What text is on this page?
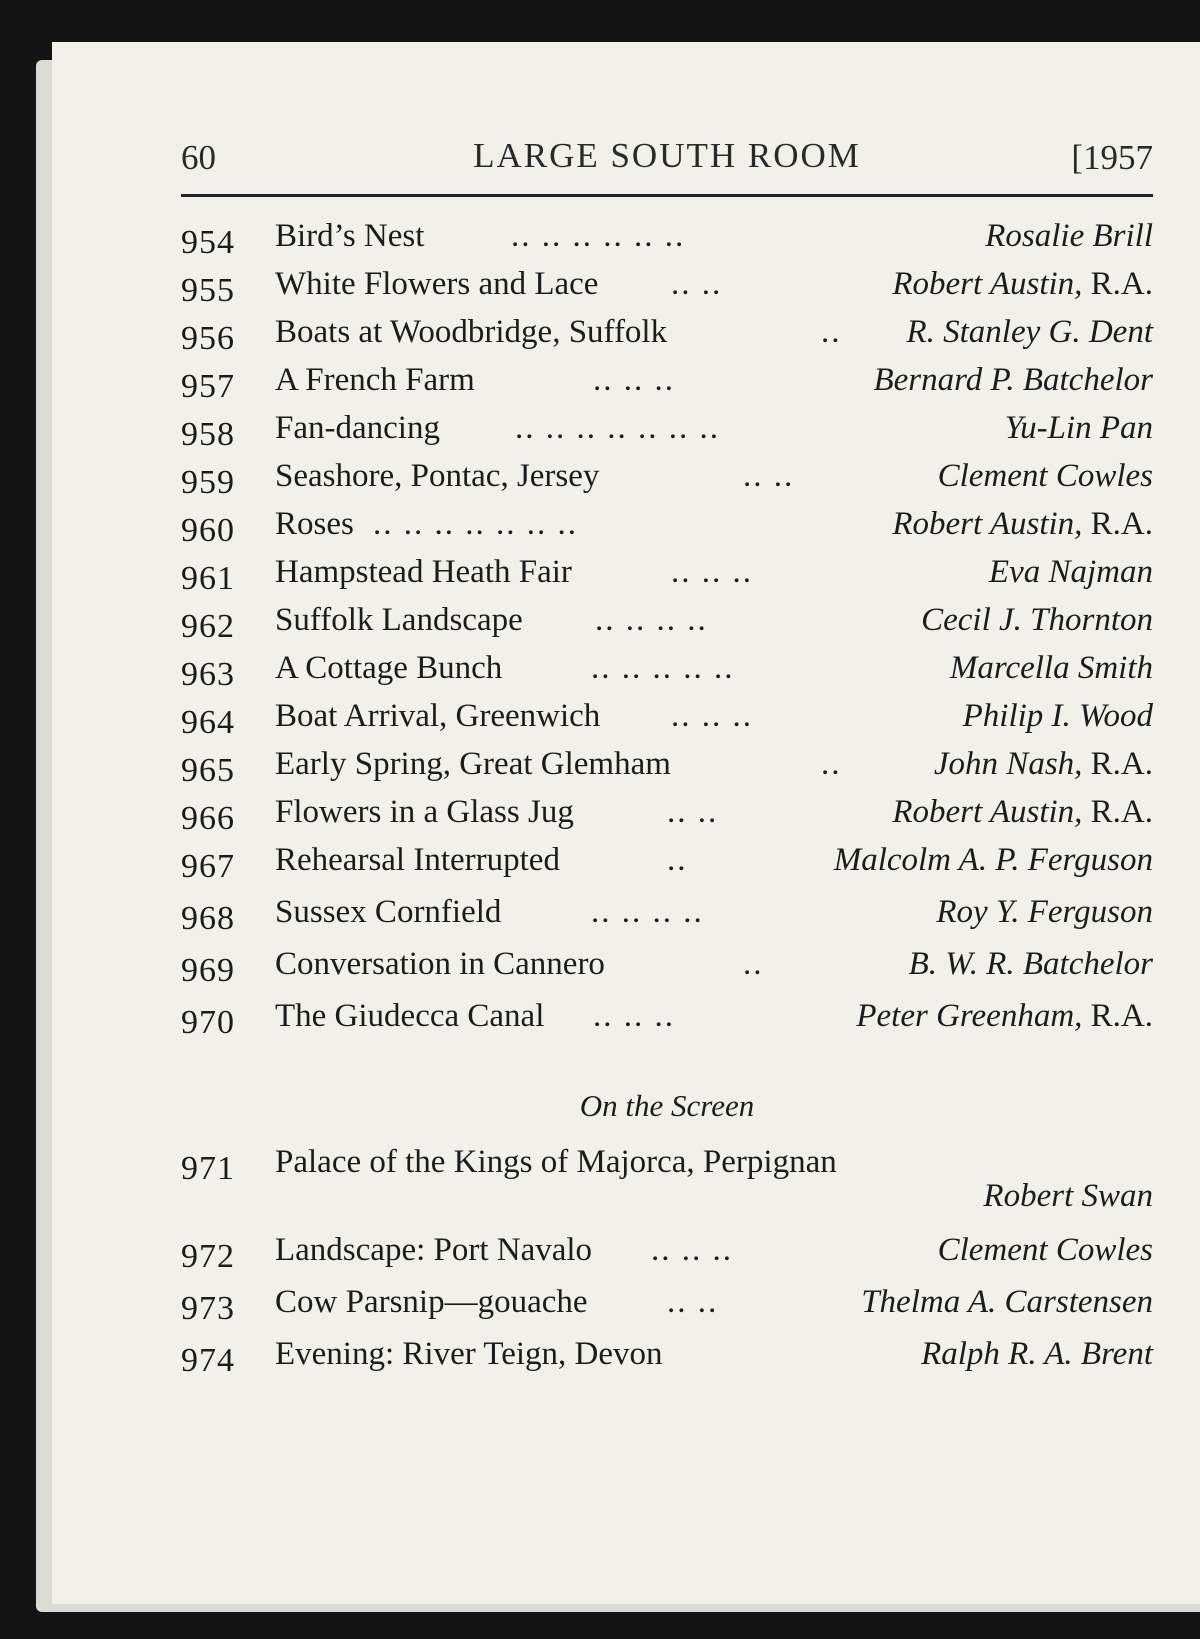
60	LARGE SOUTH ROOM	[1957
954 Bird’s Nest	.. .. .. .. .. ..	Rosalie Brill
955 White Flowers and Lace .. ..	Robert Austin, R.A.
956 Boats at Woodbridge, Suffolk	.. R. Stanley G. Dent
957 A French Farm	.. .. ..	Bernard P. Batchelor
958 Fan-dancing .. .. .. .. .. .. ..	Yu-Lin Pan
959 Seashore, Pontac, Jersey	.. ..	Clement Cowles
960 Roses .. .. .. .. .. .. ..	Robert Austin, R.A.
961 Hampstead Heath Fair	.. .. ..	Eva Najman
962 Suffolk Landscape .. .. .. ..	Cecil J. Thornton
963 A Cottage Bunch	.. .. .. .. ..	Marcella Smith
964 Boat Arrival, Greenwich .. .. ..	Philip I. Wood
965 Early Spring, Great Glemham	..	John Nash, R.A.
966 Flowers in a Glass Jug	.. ..	Robert Austin, R.A.
967 Rehearsal Interrupted	..	Malcolm A. P. Ferguson
968 Sussex Cornfield	.. .. .. ..	Roy Y. Ferguson
969 Conversation in Cannero	..	B. W. R. Batchelor
970 The Giudecca Canal .. .. ..	Peter Greenham, R.A.
On the Screen
971 Palace of the Kings of Majorca, Perpignan
Robert Swan
972 Landscape: Port Navalo .. .. ..	Clement Cowles
973 Cow Parsnip—gouache .. ..	Thelma A. Carstensen
974 Evening: River Teign, Devon	Ralph R. A. Brent
